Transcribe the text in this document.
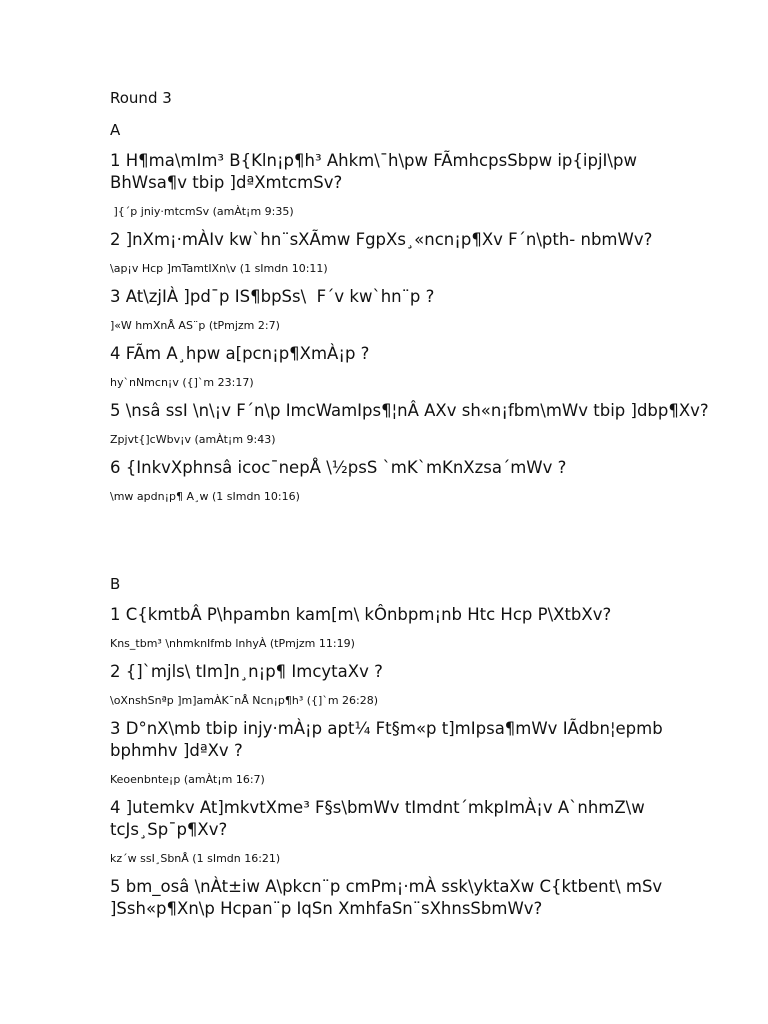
Round 3
A
1 H¶ma\mIm³ B{Kln¡p¶h³ Ahkm\¯h\pw FÃmhcpsSbpw ip{ipjI\pw BhWsa¶v tbip ]dªXmtcmSv?
]{´p jniy·mtcmSv (amÀt¡m 9:35)
2 ]nXm¡·mÀIv kw`hn¨sXÃmw FgpXs¸«ncn¡p¶Xv F´n\pth- nbmWv?
\ap¡v Hcp ]mTamtIXn\v (1 sImdn 10:11)
3 At\zjIÀ ]pd¯p IS¶bpSs\  F´v kw`hn¨p ?
]«W hmXnÅ AS¨p (tPmjzm 2:7)
4 FÃm A¸hpw a[pcn¡p¶XmÀ¡p ?
hy`nNmcn¡v ({]`m 23:17)
5 \nsâ ssI \n\¡v F´n\p ImcWamIps¶¦nÂ AXv sh«n¡fbm\mWv tbip ]dbp¶Xv?
Zpjvt{]cWbv¡v (amÀt¡m 9:43)
6 {InkvXphnsâ icoc¯nepÅ \½psS `mK`mKnXzsa´mWv ?
\mw apdn¡p¶ A¸w (1 sImdn 10:16)
B
1 C{kmtbÂ P\hpambn kam[m\ kÔnbpm¡nb Htc Hcp P\XtbXv?
Kns_tbm³ \nhmknIfmb lnhyÀ (tPmjzm 11:19)
2 {]`mjls\ tIm]n¸n¡p¶ ImcytaXv ?
\oXnshSnªp ]m]amÀK¯nÅ Ncn¡p¶h³ ({]`m 26:28)
3 D°nX\mb tbip injy·mÀ¡p apt¼ Ft§m«p t]mIpsa¶mWv IÃdbn¦epmb bphmhv ]dªXv ?
Keoenbnte¡p (amÀt¡m 16:7)
4 ]utemkv At]mkvtXme³ F§s\bmWv tImdnt´mkpImÀ¡v A`nhmZ\w tcJs¸Sp¯p¶Xv?
kz´w ssI¸SbnÅ (1 sImdn 16:21)
5 bm_osâ \nÀt±iw A\pkcn¨p cmPm¡·mÀ ssk\yktaXw C{ktbent\ mSv ]Ssh«p¶Xn\p Hcpan¨p IqSn XmhfaSn¨sXhnsSbmWv?
